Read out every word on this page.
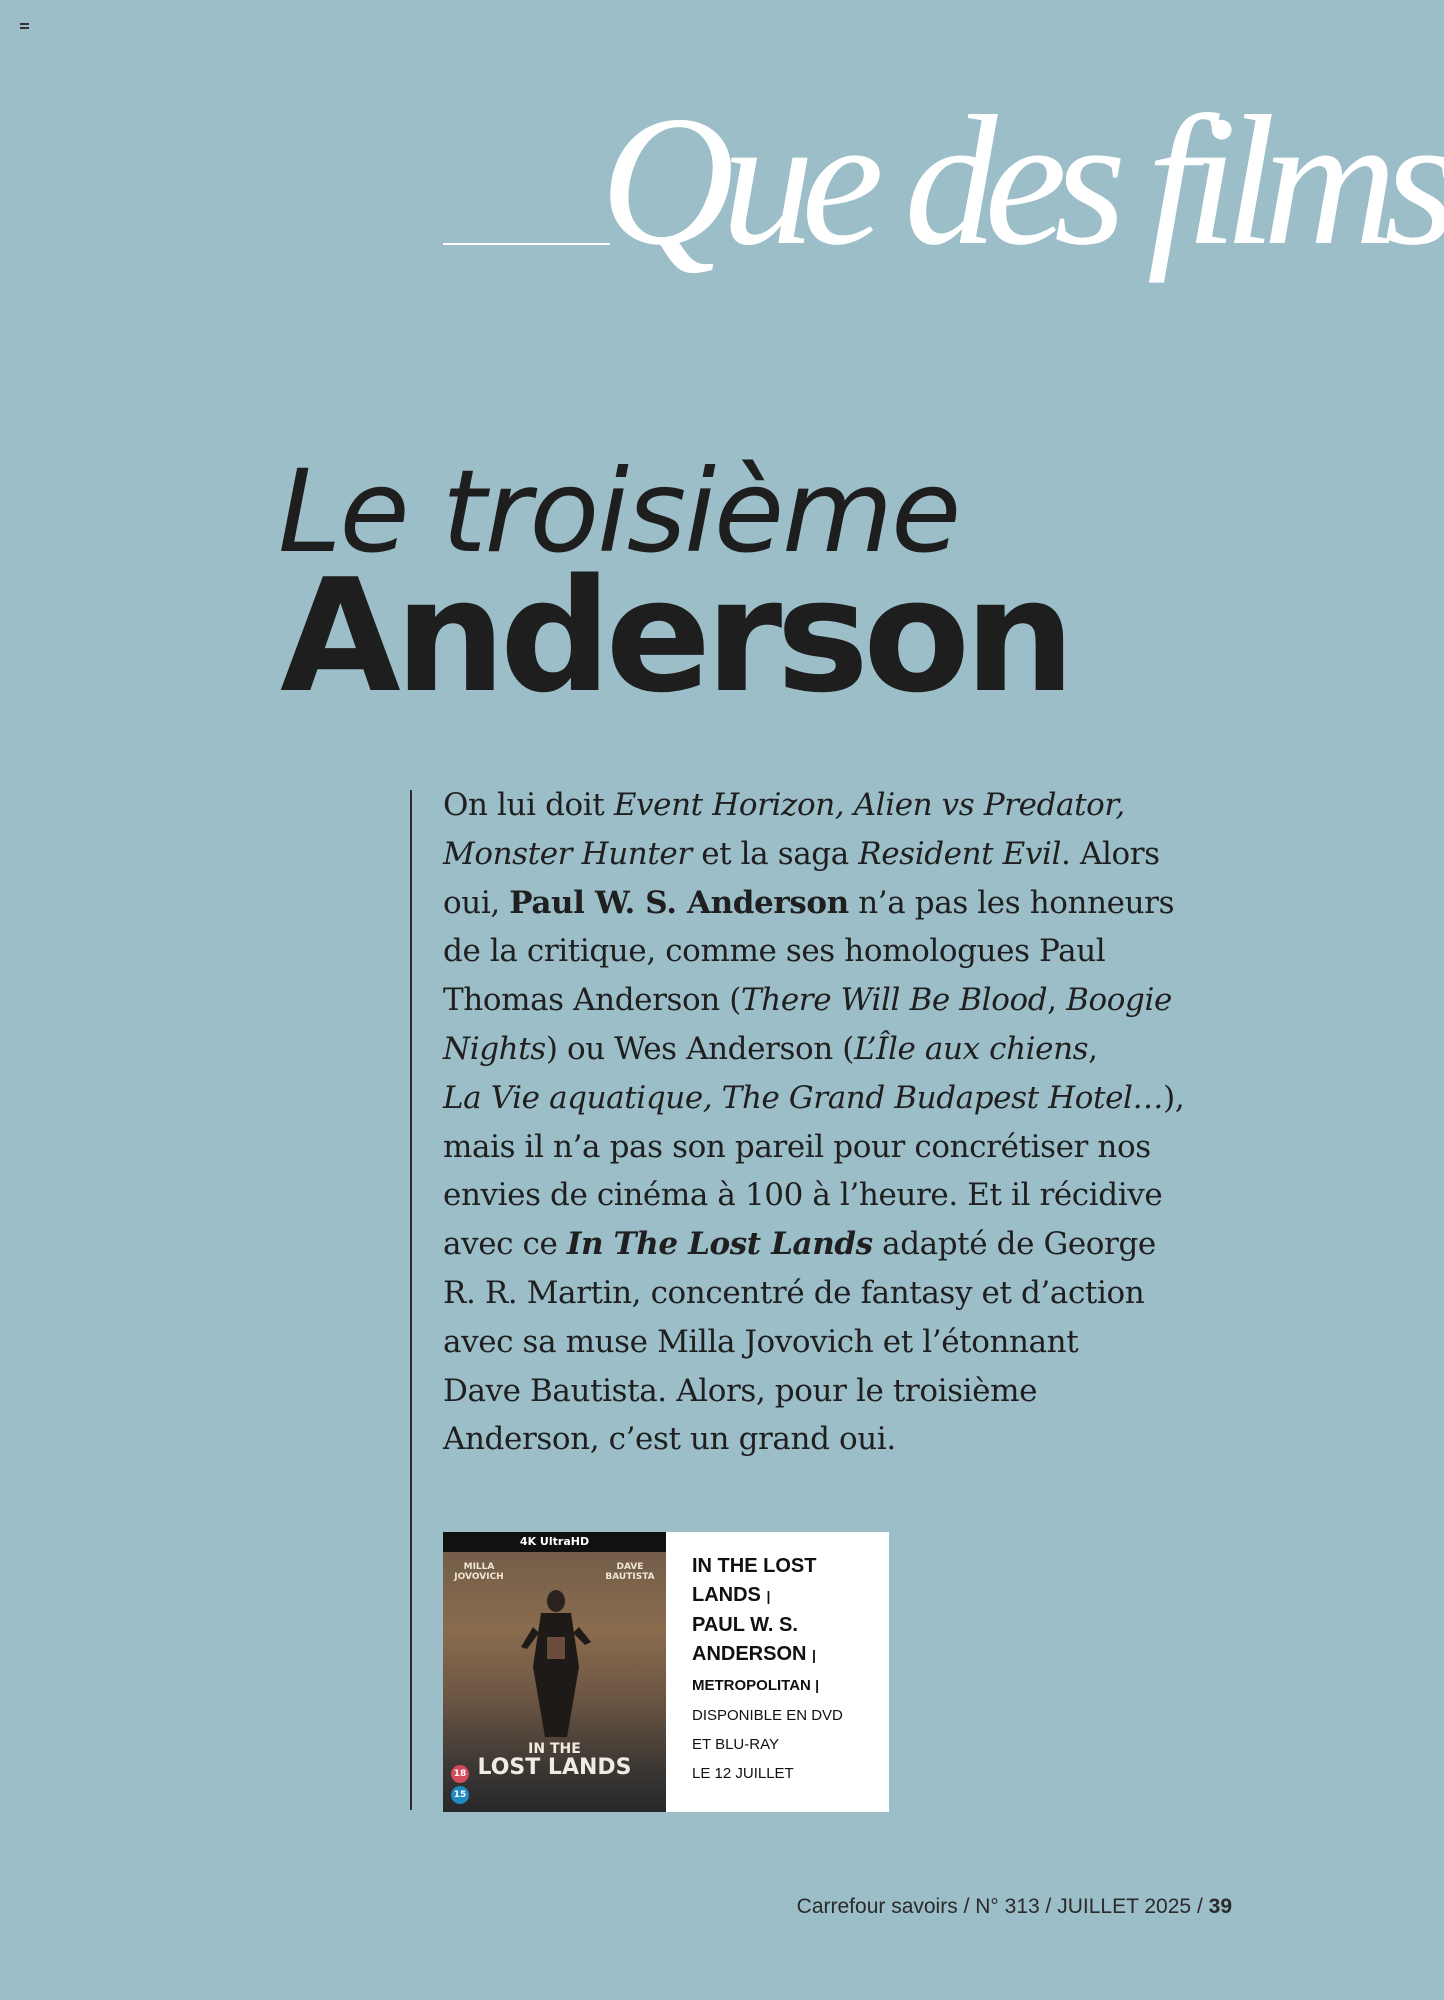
Que des films
Le troisième
Anderson
On lui doit Event Horizon, Alien vs Predator,
Monster Hunter et la saga Resident Evil. Alors
oui, Paul W. S. Anderson n’a pas les honneurs
de la critique, comme ses homologues Paul
Thomas Anderson (There Will Be Blood, Boogie
Nights) ou Wes Anderson (L’Île aux chiens,
La Vie aquatique, The Grand Budapest Hotel…),
mais il n’a pas son pareil pour concrétiser nos
envies de cinéma à 100 à l’heure. Et il récidive
avec ce In The Lost Lands adapté de George
R. R. Martin, concentré de fantasy et d’action
avec sa muse Milla Jovovich et l’étonnant
Dave Bautista. Alors, pour le troisième
Anderson, c’est un grand oui.
4K UltraHD
MILLA JOVOVICH
DAVE BAUTISTA
IN THE
LOST LANDS
18
15
IN THE LOST
LANDS |
PAUL W. S.
ANDERSON |
METROPOLITAN |
DISPONIBLE EN DVD
ET BLU-RAY
LE 12 JUILLET
Carrefour savoirs / N° 313 / JUILLET 2025 / 39
